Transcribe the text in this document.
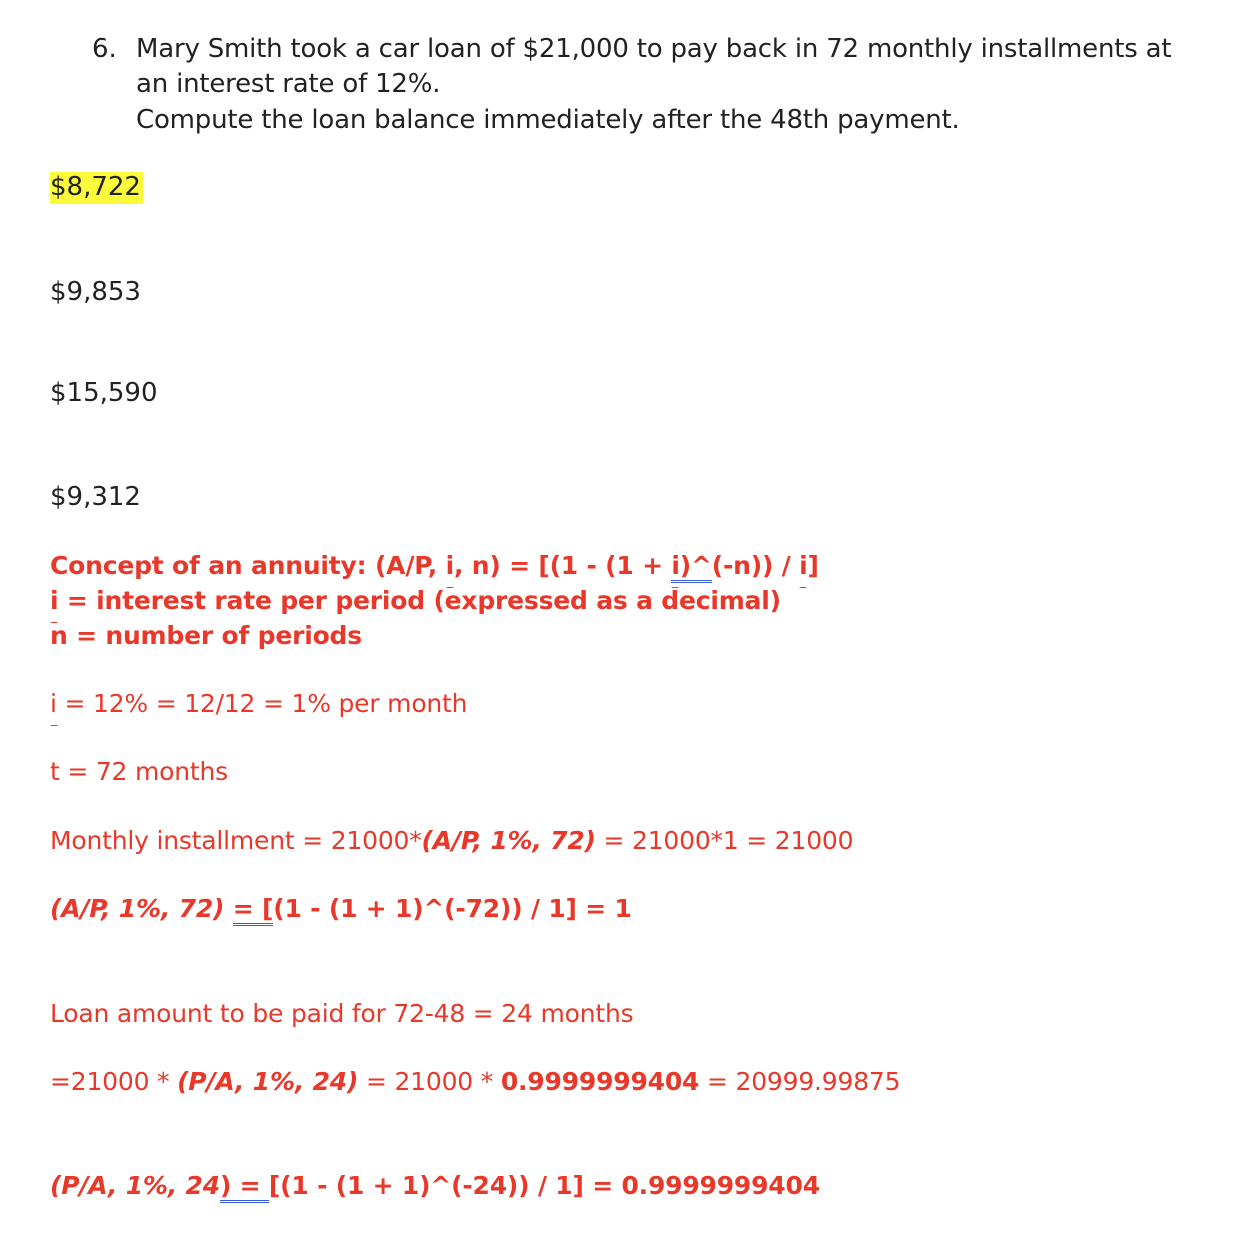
6. Mary Smith took a car loan of $21,000 to pay back in 72 monthly installments at
an interest rate of 12%.
Compute the loan balance immediately after the 48th payment.
$8,722
$9,853
$15,590
$9,312
Concept of an annuity: (A/P, i, n) = [(1 - (1 + i)^(-n)) / i]
i = interest rate per period (expressed as a decimal)
n = number of periods
i = 12% = 12/12 = 1% per month
t = 72 months
Monthly installment = 21000*(A/P, 1%, 72) = 21000*1 = 21000
(A/P, 1%, 72) = [(1 - (1 + 1)^(-72)) / 1] = 1
Loan amount to be paid for 72-48 = 24 months
=21000 * (P/A, 1%, 24) = 21000 * 0.9999999404 = 20999.99875
(P/A, 1%, 24) = [(1 - (1 + 1)^(-24)) / 1] = 0.9999999404
